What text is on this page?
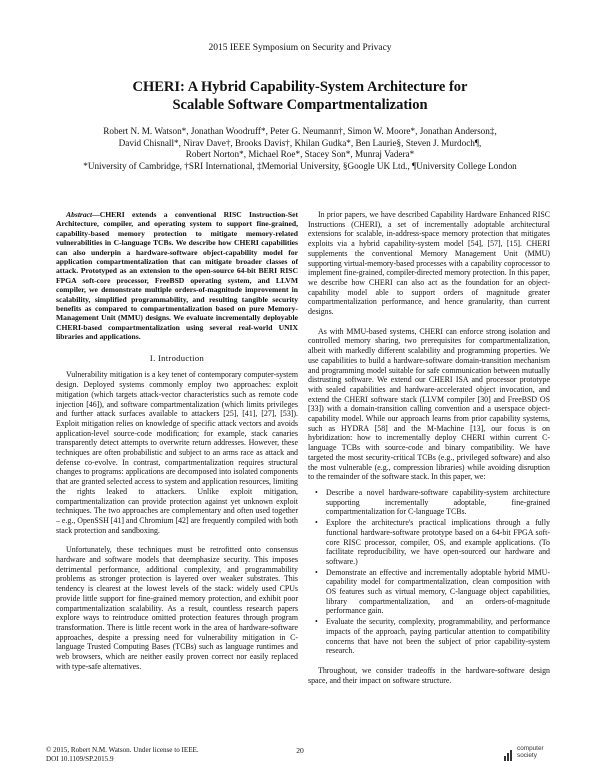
2015 IEEE Symposium on Security and Privacy
CHERI: A Hybrid Capability-System Architecture for
Scalable Software Compartmentalization
Robert N. M. Watson*, Jonathan Woodruff*, Peter G. Neumann†, Simon W. Moore*, Jonathan Anderson‡,
David Chisnall*, Nirav Dave†, Brooks Davis†, Khilan Gudka*, Ben Laurie§, Steven J. Murdoch¶,
Robert Norton*, Michael Roe*, Stacey Son*, Munraj Vadera*
*University of Cambridge, †SRI International, ‡Memorial University, §Google UK Ltd., ¶University College London

Abstract—CHERI extends a conventional RISC Instruction-Set Architecture, compiler, and operating system to support fine-grained, capability-based memory protection to mitigate memory-related vulnerabilities in C-language TCBs. We describe how CHERI capabilities can also underpin a hardware-software object-capability model for application compartmentalization that can mitigate broader classes of attack. Prototyped as an extension to the open-source 64-bit BERI RISC FPGA soft-core processor, FreeBSD operating system, and LLVM compiler, we demonstrate multiple orders-of-magnitude improvement in scalability, simplified programmability, and resulting tangible security benefits as compared to compartmentalization based on pure Memory-Management Unit (MMU) designs. We evaluate incrementally deployable CHERI-based compartmentalization using several real-world UNIX libraries and applications.

I. Introduction

Vulnerability mitigation is a key tenet of contemporary computer-system design. Deployed systems commonly employ two approaches: exploit mitigation (which targets attack-vector characteristics such as remote code injection [46]), and software compartmentalization (which limits privileges and further attack surfaces available to attackers [25], [41], [27], [53]). Exploit mitigation relies on knowledge of specific attack vectors and avoids application-level source-code modification; for example, stack canaries transparently detect attempts to overwrite return addresses. However, these techniques are often probabilistic and subject to an arms race as attack and defense co-evolve. In contrast, compartmentalization requires structural changes to programs: applications are decomposed into isolated components that are granted selected access to system and application resources, limiting the rights leaked to attackers. Unlike exploit mitigation, compartmentalization can provide protection against yet unknown exploit techniques. The two approaches are complementary and often used together – e.g., OpenSSH [41] and Chromium [42] are frequently compiled with both stack protection and sandboxing.

Unfortunately, these techniques must be retrofitted onto consensus hardware and software models that deemphasize security. This imposes detrimental performance, additional complexity, and programmability problems as stronger protection is layered over weaker substrates. This tendency is clearest at the lowest levels of the stack: widely used CPUs provide little support for fine-grained memory protection, and exhibit poor compartmentalization scalability. As a result, countless research papers explore ways to reintroduce omitted protection features through program transformation. There is little recent work in the area of hardware-software approaches, despite a pressing need for vulnerability mitigation in C-language Trusted Computing Bases (TCBs) such as language runtimes and web browsers, which are neither easily proven correct nor easily replaced with type-safe alternatives.

In prior papers, we have described Capability Hardware Enhanced RISC Instructions (CHERI), a set of incrementally adoptable architectural extensions for scalable, in-address-space memory protection that mitigates exploits via a hybrid capability-system model [54], [57], [15]. CHERI supplements the conventional Memory Management Unit (MMU) supporting virtual-memory-based processes with a capability coprocessor to implement fine-grained, compiler-directed memory protection. In this paper, we describe how CHERI can also act as the foundation for an object-capability model able to support orders of magnitude greater compartmentalization performance, and hence granularity, than current designs.

As with MMU-based systems, CHERI can enforce strong isolation and controlled memory sharing, two prerequisites for compartmentalization, albeit with markedly different scalability and programming properties. We use capabilities to build a hardware-software domain-transition mechanism and programming model suitable for safe communication between mutually distrusting software. We extend our CHERI ISA and processor prototype with sealed capabilities and hardware-accelerated object invocation, and extend the CHERI software stack (LLVM compiler [30] and FreeBSD OS [33]) with a domain-transition calling convention and a userspace object-capability model. While our approach learns from prior capability systems, such as HYDRA [58] and the M-Machine [13], our focus is on hybridization: how to incrementally deploy CHERI within current C-language TCBs with source-code and binary compatibility. We have targeted the most security-critical TCBs (e.g., privileged software) and also the most vulnerable (e.g., compression libraries) while avoiding disruption to the remainder of the software stack. In this paper, we:

• Describe a novel hardware-software capability-system architecture supporting incrementally adoptable, fine-grained compartmentalization for C-language TCBs.
• Explore the architecture's practical implications through a fully functional hardware-software prototype based on a 64-bit FPGA soft-core RISC processor, compiler, OS, and example applications. (To facilitate reproducibility, we have open-sourced our hardware and software.)
• Demonstrate an effective and incrementally adoptable hybrid MMU-capability model for compartmentalization, clean composition with OS features such as virtual memory, C-language object capabilities, library compartmentalization, and an orders-of-magnitude performance gain.
• Evaluate the security, complexity, programmability, and performance impacts of the approach, paying particular attention to compatibility concerns that have not been the subject of prior capability-system research.

Throughout, we consider tradeoffs in the hardware-software design space, and their impact on software structure.

© 2015, Robert N.M. Watson. Under license to IEEE.
DOI 10.1109/SP.2015.9
20	computer
society
